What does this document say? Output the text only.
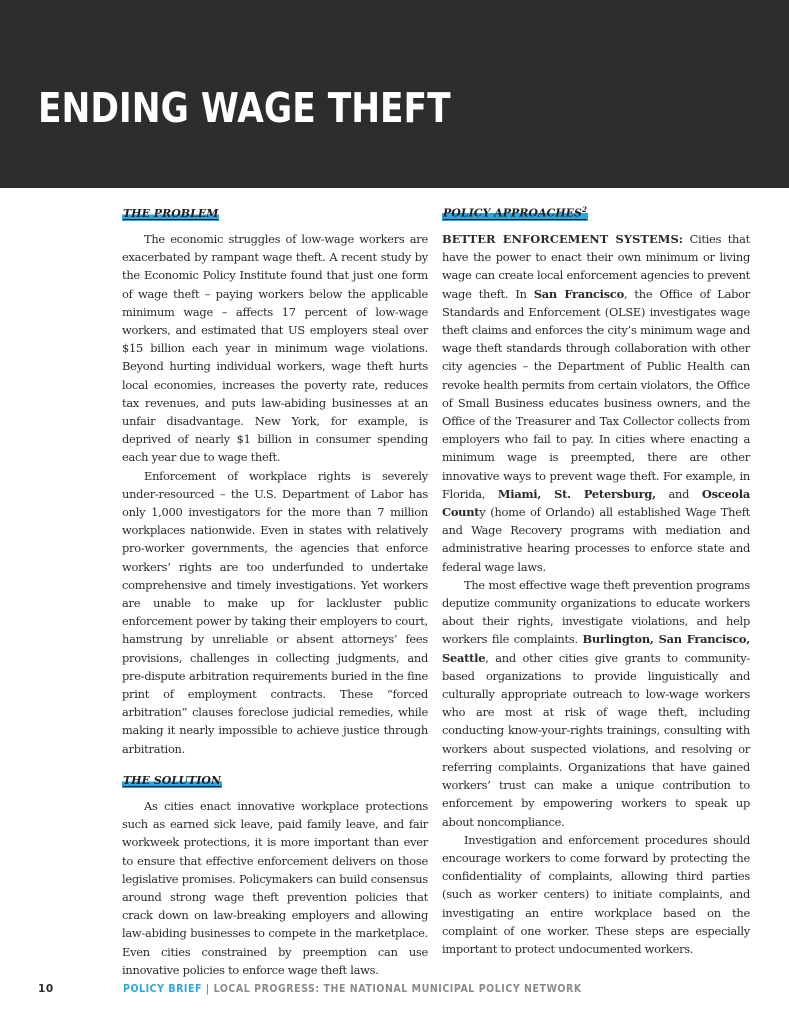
ENDING WAGE THEFT
THE PROBLEM

The economic struggles of low-wage workers are exacerbated by rampant wage theft. A recent study by the Economic Policy Institute found that just one form of wage theft – paying workers below the applicable minimum wage – affects 17 percent of low-wage workers, and estimated that US employers steal over $15 billion each year in minimum wage violations. Beyond hurting individual workers, wage theft hurts local economies, increases the poverty rate, reduces tax revenues, and puts law-abiding businesses at an unfair disadvantage. New York, for example, is deprived of nearly $1 billion in consumer spending each year due to wage theft.

Enforcement of workplace rights is severely under-resourced – the U.S. Department of Labor has only 1,000 investigators for the more than 7 million workplaces nationwide. Even in states with relatively pro-worker governments, the agencies that enforce workers’ rights are too underfunded to undertake comprehensive and timely investigations. Yet workers are unable to make up for lackluster public enforcement power by taking their employers to court, hamstrung by unreliable or absent attorneys’ fees provisions, challenges in collecting judgments, and pre-dispute arbitration requirements buried in the fine print of employment contracts. These “forced arbitration” clauses foreclose judicial remedies, while making it nearly impossible to achieve justice through arbitration.

THE SOLUTION

As cities enact innovative workplace protections such as earned sick leave, paid family leave, and fair workweek protections, it is more important than ever to ensure that effective enforcement delivers on those legislative promises. Policymakers can build consensus around strong wage theft prevention policies that crack down on law-breaking employers and allowing law-abiding businesses to compete in the marketplace. Even cities constrained by preemption can use innovative policies to enforce wage theft laws.

POLICY APPROACHES$^2$

BETTER ENFORCEMENT SYSTEMS: Cities that have the power to enact their own minimum or living wage can create local enforcement agencies to prevent wage theft. In San Francisco, the Office of Labor Standards and Enforcement (OLSE) investigates wage theft claims and enforces the city’s minimum wage and wage theft standards through collaboration with other city agencies – the Department of Public Health can revoke health permits from certain violators, the Office of Small Business educates business owners, and the Office of the Treasurer and Tax Collector collects from employers who fail to pay. In cities where enacting a minimum wage is preempted, there are other innovative ways to prevent wage theft. For example, in Florida, Miami, St. Petersburg, and Osceola County (home of Orlando) all established Wage Theft and Wage Recovery programs with mediation and administrative hearing processes to enforce state and federal wage laws.

The most effective wage theft prevention programs deputize community organizations to educate workers about their rights, investigate violations, and help workers file complaints. Burlington, San Francisco, Seattle, and other cities give grants to community-based organizations to provide linguistically and culturally appropriate outreach to low-wage workers who are most at risk of wage theft, including conducting know-your-rights trainings, consulting with workers about suspected violations, and resolving or referring complaints. Organizations that have gained workers’ trust can make a unique contribution to enforcement by empowering workers to speak up about noncompliance.

Investigation and enforcement procedures should encourage workers to come forward by protecting the confidentiality of complaints, allowing third parties (such as worker centers) to initiate complaints, and investigating an entire workplace based on the complaint of one worker. These steps are especially important to protect undocumented workers.

10	POLICY BRIEF | LOCAL PROGRESS: THE NATIONAL MUNICIPAL POLICY NETWORK
